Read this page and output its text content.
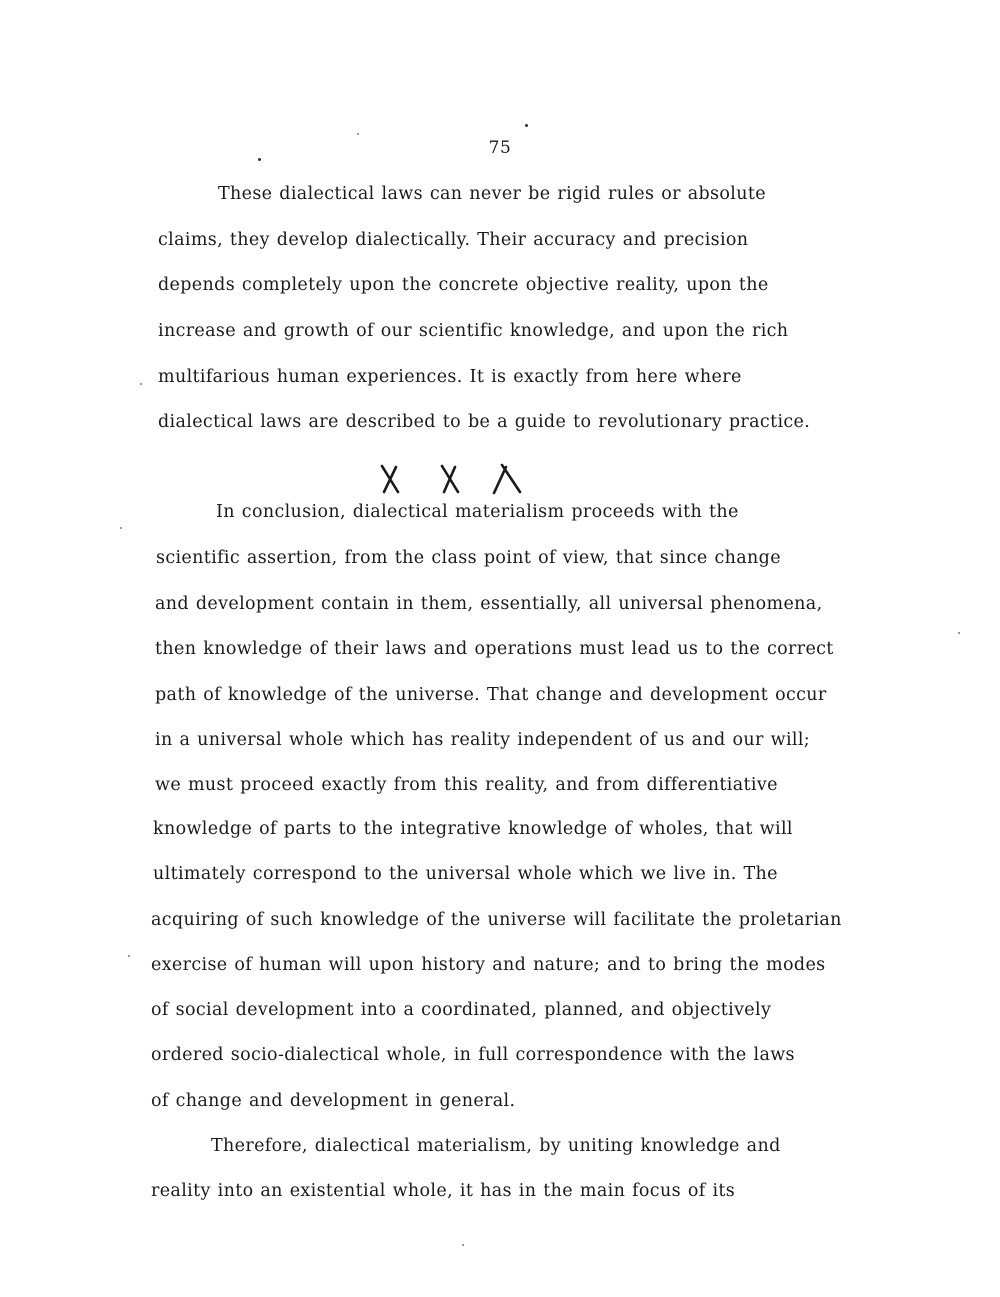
75
These dialectical laws can never be rigid rules or absolute
claims, they develop dialectically. Their accuracy and precision
depends completely upon the concrete objective reality, upon the
increase and growth of our scientific knowledge, and upon the rich
multifarious human experiences. It is exactly from here where
dialectical laws are described to be a guide to revolutionary practice.
In conclusion, dialectical materialism proceeds with the
scientific assertion, from the class point of view, that since change
and development contain in them, essentially, all universal phenomena,
then knowledge of their laws and operations must lead us to the correct
path of knowledge of the universe. That change and development occur
in a universal whole which has reality independent of us and our will;
we must proceed exactly from this reality, and from differentiative
knowledge of parts to the integrative knowledge of wholes, that will
ultimately correspond to the universal whole which we live in. The
acquiring of such knowledge of the universe will facilitate the proletarian
exercise of human will upon history and nature; and to bring the modes
of social development into a coordinated, planned, and objectively
ordered socio-dialectical whole, in full correspondence with the laws
of change and development in general.
Therefore, dialectical materialism, by uniting knowledge and
reality into an existential whole, it has in the main focus of its
